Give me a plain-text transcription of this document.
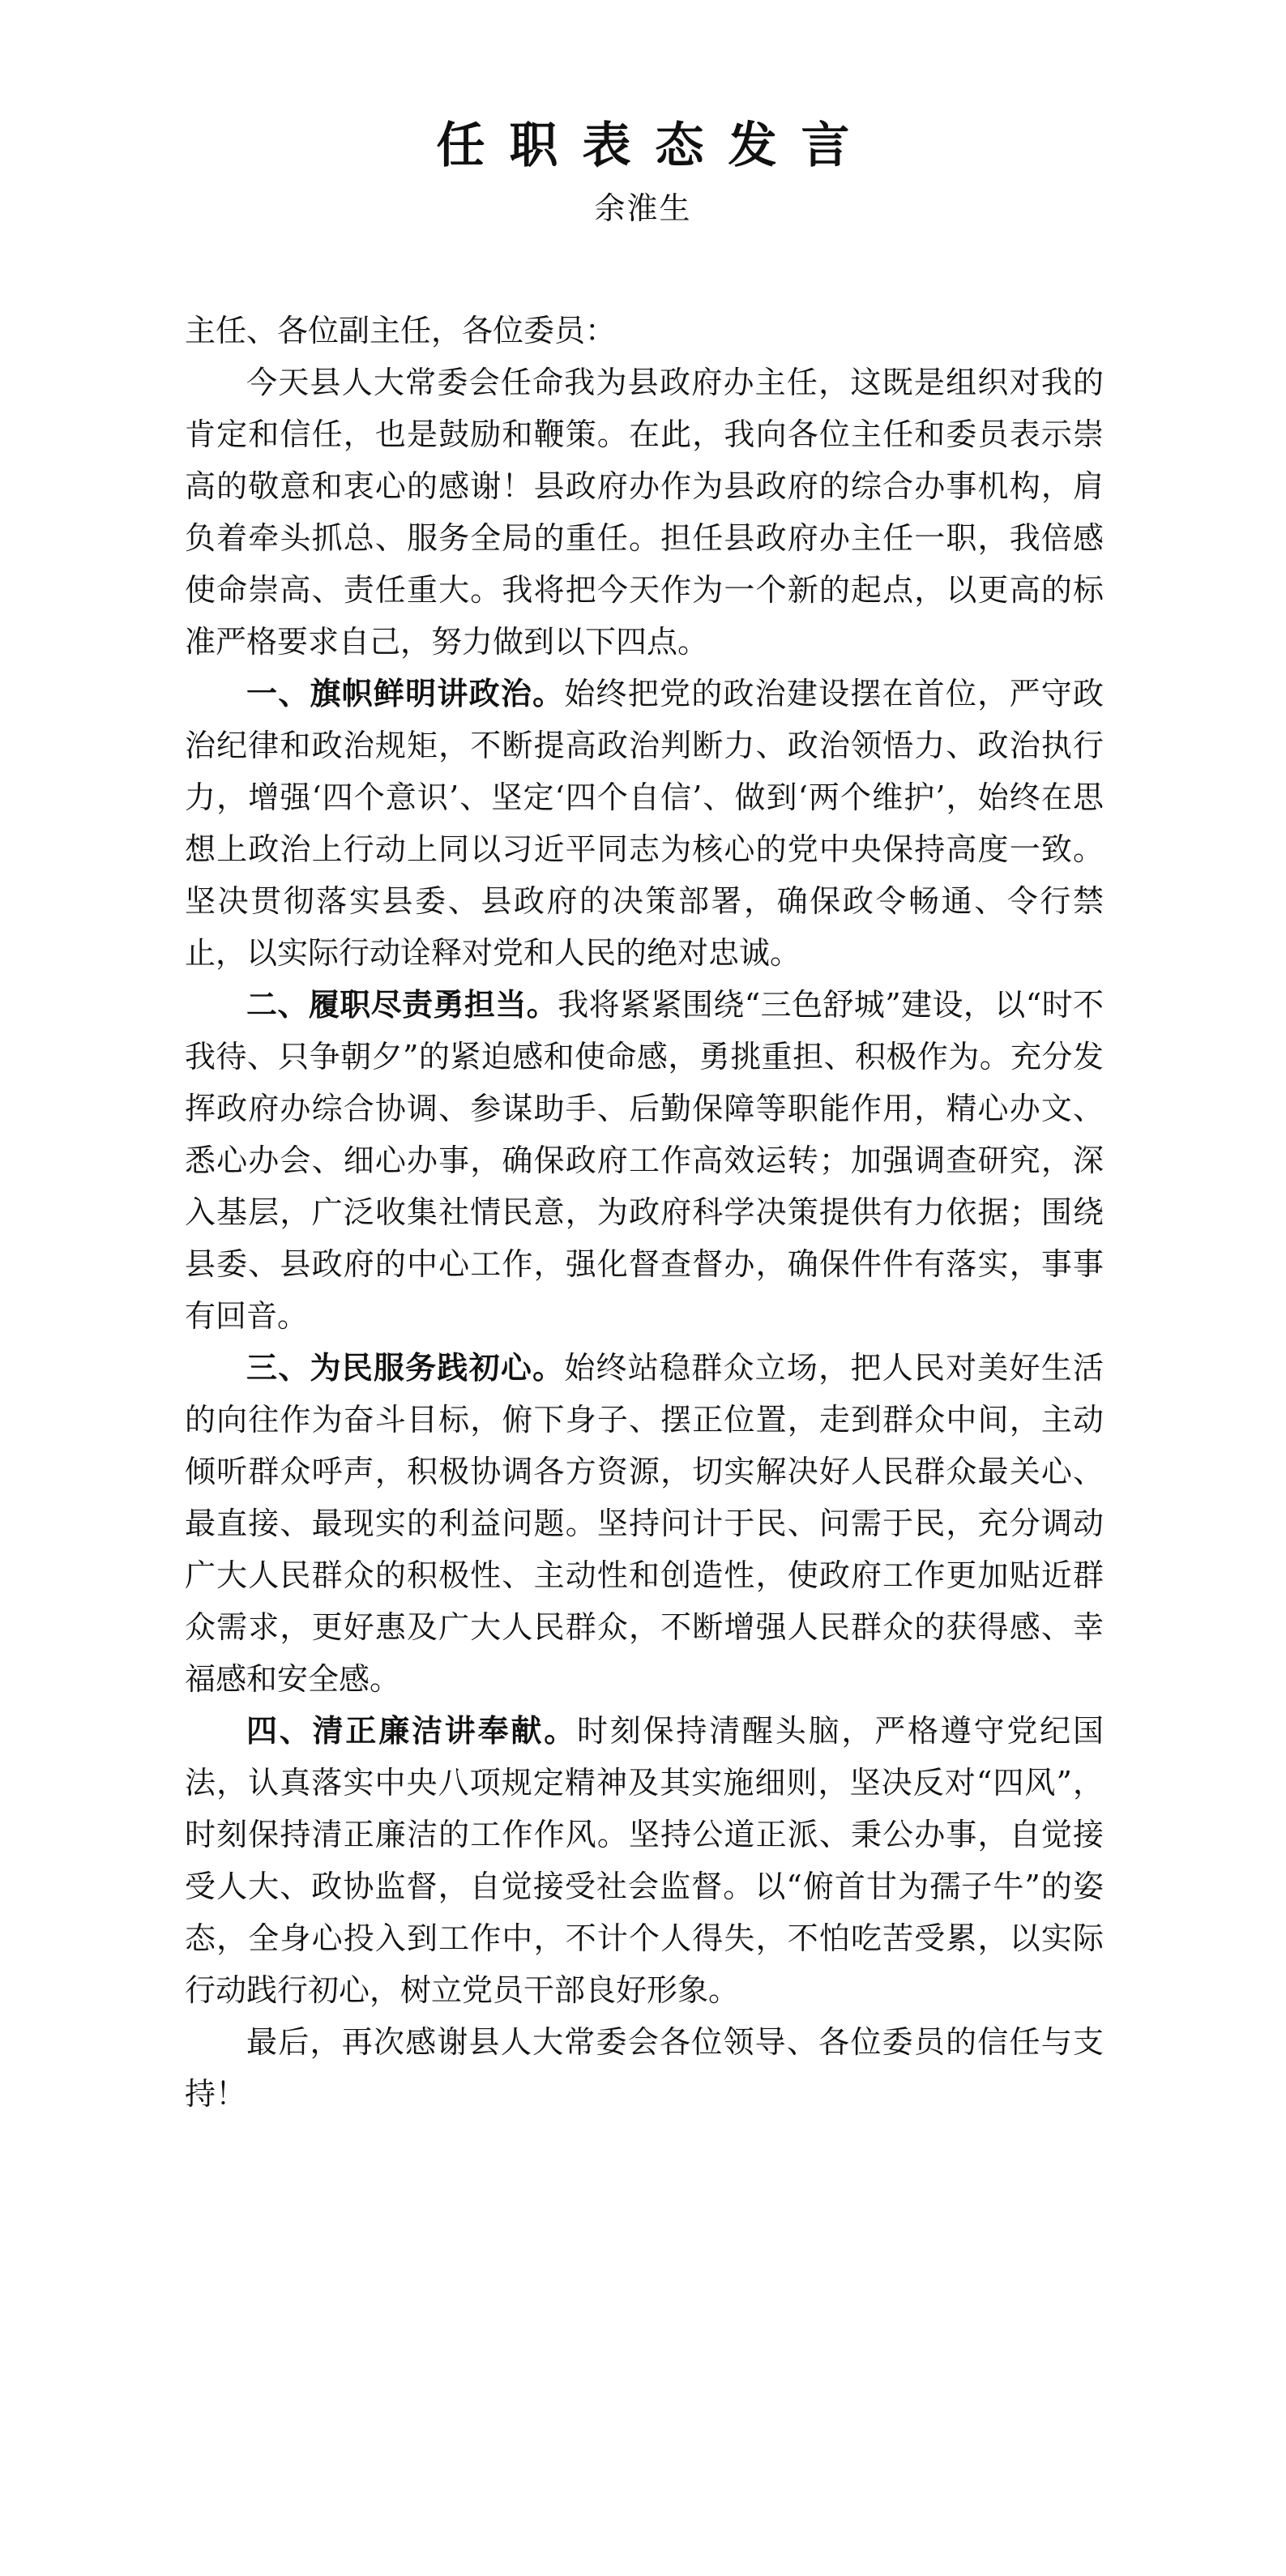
任职表态发言
余淮生

主任、各位副主任，各位委员：

今天县人大常委会任命我为县政府办主任，这既是组织对我的肯定和信任，也是鼓励和鞭策。在此，我向各位主任和委员表示崇高的敬意和衷心的感谢！县政府办作为县政府的综合办事机构，肩负着牵头抓总、服务全局的重任。担任县政府办主任一职，我倍感使命崇高、责任重大。我将把今天作为一个新的起点，以更高的标准严格要求自己，努力做到以下四点。

一、旗帜鲜明讲政治。始终把党的政治建设摆在首位，严守政治纪律和政治规矩，不断提高政治判断力、政治领悟力、政治执行力，增强‘四个意识’、坚定‘四个自信’、做到‘两个维护’，始终在思想上政治上行动上同以习近平同志为核心的党中央保持高度一致。坚决贯彻落实县委、县政府的决策部署，确保政令畅通、令行禁止，以实际行动诠释对党和人民的绝对忠诚。

二、履职尽责勇担当。我将紧紧围绕“三色舒城”建设，以“时不我待、只争朝夕”的紧迫感和使命感，勇挑重担、积极作为。充分发挥政府办综合协调、参谋助手、后勤保障等职能作用，精心办文、悉心办会、细心办事，确保政府工作高效运转；加强调查研究，深入基层，广泛收集社情民意，为政府科学决策提供有力依据；围绕县委、县政府的中心工作，强化督查督办，确保件件有落实，事事有回音。

三、为民服务践初心。始终站稳群众立场，把人民对美好生活的向往作为奋斗目标，俯下身子、摆正位置，走到群众中间，主动倾听群众呼声，积极协调各方资源，切实解决好人民群众最关心、最直接、最现实的利益问题。坚持问计于民、问需于民，充分调动广大人民群众的积极性、主动性和创造性，使政府工作更加贴近群众需求，更好惠及广大人民群众，不断增强人民群众的获得感、幸福感和安全感。

四、清正廉洁讲奉献。时刻保持清醒头脑，严格遵守党纪国法，认真落实中央八项规定精神及其实施细则，坚决反对“四风”，时刻保持清正廉洁的工作作风。坚持公道正派、秉公办事，自觉接受人大、政协监督，自觉接受社会监督。以“俯首甘为孺子牛”的姿态，全身心投入到工作中，不计个人得失，不怕吃苦受累，以实际行动践行初心，树立党员干部良好形象。

最后，再次感谢县人大常委会各位领导、各位委员的信任与支持！
